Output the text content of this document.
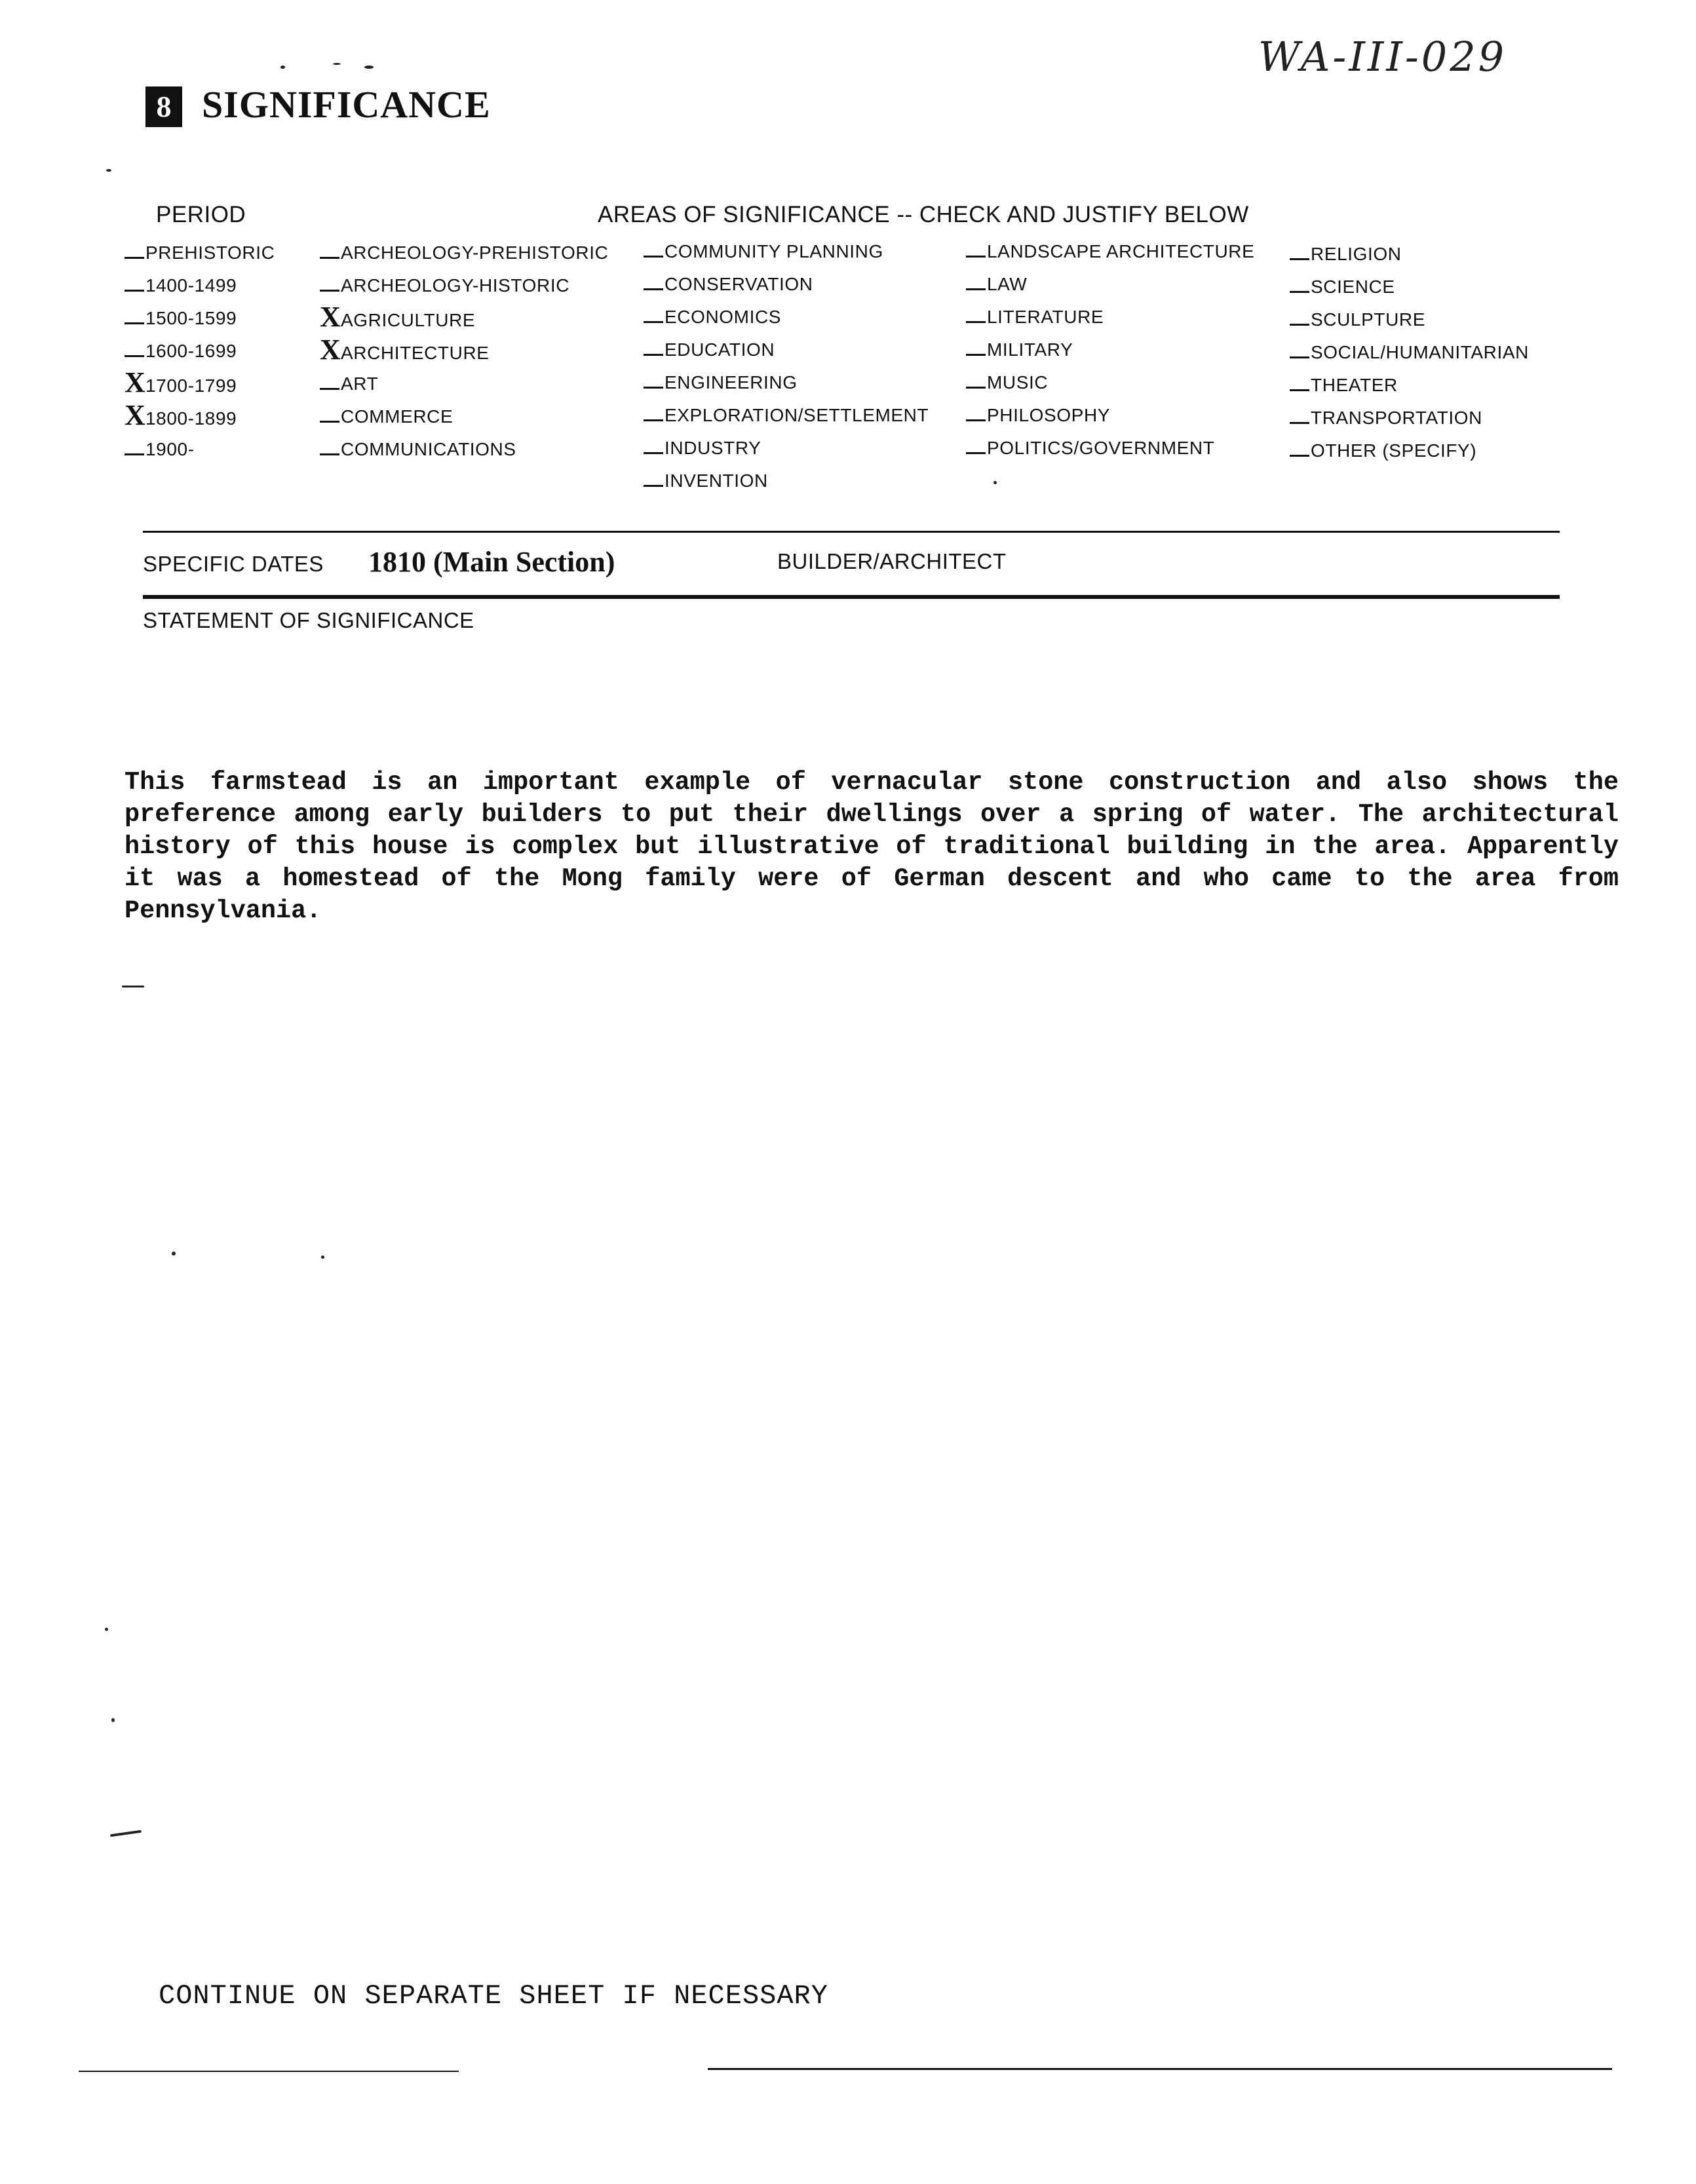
WA-III-029
8 SIGNIFICANCE
PERIOD	AREAS OF SIGNIFICANCE -- CHECK AND JUSTIFY BELOW
PREHISTORIC
1400-1499
1500-1599
1600-1699
X 1700-1799
X 1800-1899
1900-
ARCHEOLOGY-PREHISTORIC
ARCHEOLOGY-HISTORIC
X AGRICULTURE
X ARCHITECTURE
ART
COMMERCE
COMMUNICATIONS
COMMUNITY PLANNING
CONSERVATION
ECONOMICS
EDUCATION
ENGINEERING
EXPLORATION/SETTLEMENT
INDUSTRY
INVENTION
LANDSCAPE ARCHITECTURE
LAW
LITERATURE
MILITARY
MUSIC
PHILOSOPHY
POLITICS/GOVERNMENT
RELIGION
SCIENCE
SCULPTURE
SOCIAL/HUMANITARIAN
THEATER
TRANSPORTATION
OTHER (SPECIFY)
SPECIFIC DATES 1810 (Main Section)	BUILDER/ARCHITECT
STATEMENT OF SIGNIFICANCE
This farmstead is an important example of vernacular stone construction and also shows the preference among early builders to put their dwellings over a spring of water. The architectural history of this house is complex but illustrative of traditional building in the area. Apparently it was a homestead of the Mong family were of German descent and who came to the area from Pennsylvania.
CONTINUE ON SEPARATE SHEET IF NECESSARY
